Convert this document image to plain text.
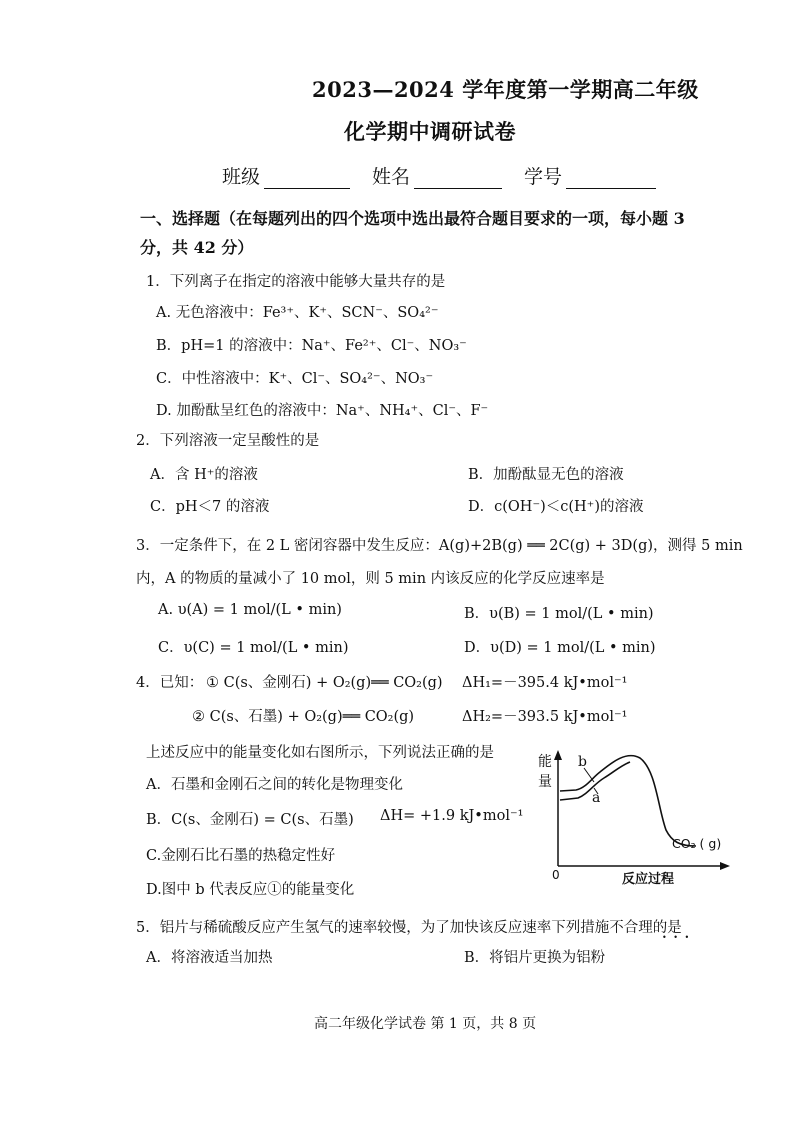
2023—2024 学年度第一学期高二年级
化学期中调研试卷
班级	姓名	学号
一、选择题（在每题列出的四个选项中选出最符合题目要求的一项，每小题 3
分，共 42 分）
1．下列离子在指定的溶液中能够大量共存的是
A. 无色溶液中：Fe³⁺、K⁺、SCN⁻、SO₄²⁻
B．pH=1 的溶液中：Na⁺、Fe²⁺、Cl⁻、NO₃⁻
C．中性溶液中：K⁺、Cl⁻、SO₄²⁻、NO₃⁻
D. 加酚酞呈红色的溶液中：Na⁺、NH₄⁺、Cl⁻、F⁻
2．下列溶液一定呈酸性的是
A．含 H⁺的溶液	B．加酚酞显无色的溶液
C．pH＜7 的溶液	D．c(OH⁻)＜c(H⁺)的溶液
3．一定条件下，在 2 L 密闭容器中发生反应：A(g)+2B(g) ══ 2C(g) + 3D(g)，测得 5 min
内，A 的物质的量减小了 10 mol，则 5 min 内该反应的化学反应速率是
A. υ(A) = 1 mol/(L • min)	B．υ(B) = 1 mol/(L • min)
C．υ(C) = 1 mol/(L • min)	D．υ(D) = 1 mol/(L • min)
4．已知： ① C(s、金刚石) + O₂(g)══ CO₂(g) ΔH₁=－395.4 kJ•mol⁻¹
② C(s、石墨) + O₂(g)══ CO₂(g)	ΔH₂=－393.5 kJ•mol⁻¹
上述反应中的能量变化如右图所示，下列说法正确的是
A．石墨和金刚石之间的转化是物理变化
B．C(s、金刚石) = C(s、石墨) ΔH= +1.9 kJ•mol⁻¹
C.金刚石比石墨的热稳定性好
D.图中 b 代表反应①的能量变化
能
量
b
a
CO₂ ( g)
0	反应过程
5．铝片与稀硫酸反应产生氢气的速率较慢，为了加快该反应速率下列措施不合理的是
• • •
A．将溶液适当加热	B．将铝片更换为铝粉
高二年级化学试卷 第 1 页，共 8 页
